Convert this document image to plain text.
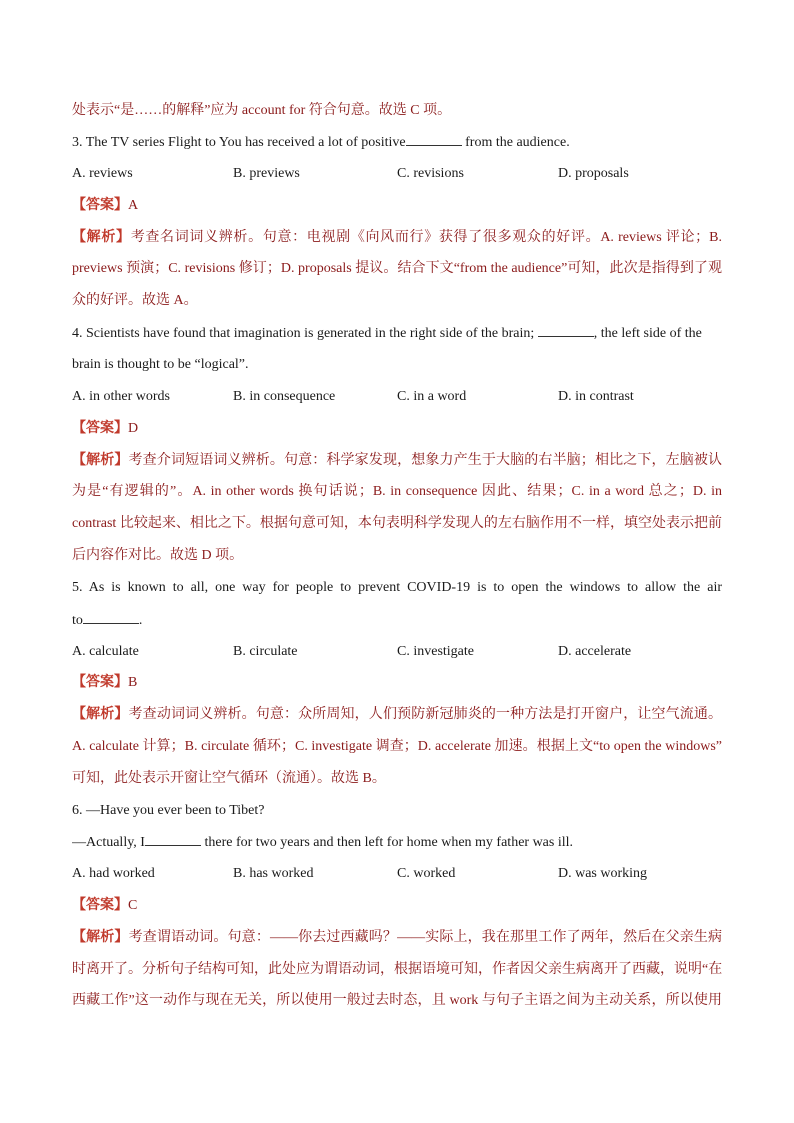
处表示“是……的解释”应为 account for 符合句意。故选 C 项。
3. The TV series Flight to You has received a lot of positive	from the audience.
A. reviews	B. previews	C. revisions	D. proposals
【答案】A
【解析】考查名词词义辨析。句意：电视剧《向风而行》获得了很多观众的好评。A. reviews 评论；B.
previews 预演；C. revisions 修订；D. proposals 提议。结合下文“from the audience”可知，此次是指得到了观
众的好评。故选 A。
4. Scientists have found that imagination is generated in the right side of the brain;	, the left side of the
brain is thought to be “logical”.
A. in other words	B. in consequence	C. in a word	D. in contrast
【答案】D
【解析】考查介词短语词义辨析。句意：科学家发现，想象力产生于大脑的右半脑；相比之下，左脑被认
为是“有逻辑的”。A. in other words 换句话说；B. in consequence 因此、结果；C. in a word 总之；D. in
contrast 比较起来、相比之下。根据句意可知，本句表明科学发现人的左右脑作用不一样，填空处表示把前
后内容作对比。故选 D 项。
5. As is known to all, one way for people to prevent COVID-19 is to open the windows to allow the air
to	.
A. calculate	B. circulate	C. investigate	D. accelerate
【答案】B
【解析】考查动词词义辨析。句意：众所周知，人们预防新冠肺炎的一种方法是打开窗户，让空气流通。
A. calculate 计算；B. circulate 循环；C. investigate 调查；D. accelerate 加速。根据上文“to open the windows”
可知，此处表示开窗让空气循环（流通）。故选 B。
6. —Have you ever been to Tibet?
—Actually, I	there for two years and then left for home when my father was ill.
A. had worked	B. has worked	C. worked	D. was working
【答案】C
【解析】考查谓语动词。句意：——你去过西藏吗？——实际上，我在那里工作了两年，然后在父亲生病
时离开了。分析句子结构可知，此处应为谓语动词，根据语境可知，作者因父亲生病离开了西藏，说明“在
西藏工作”这一动作与现在无关，所以使用一般过去时态，且 work 与句子主语之间为主动关系，所以使用
